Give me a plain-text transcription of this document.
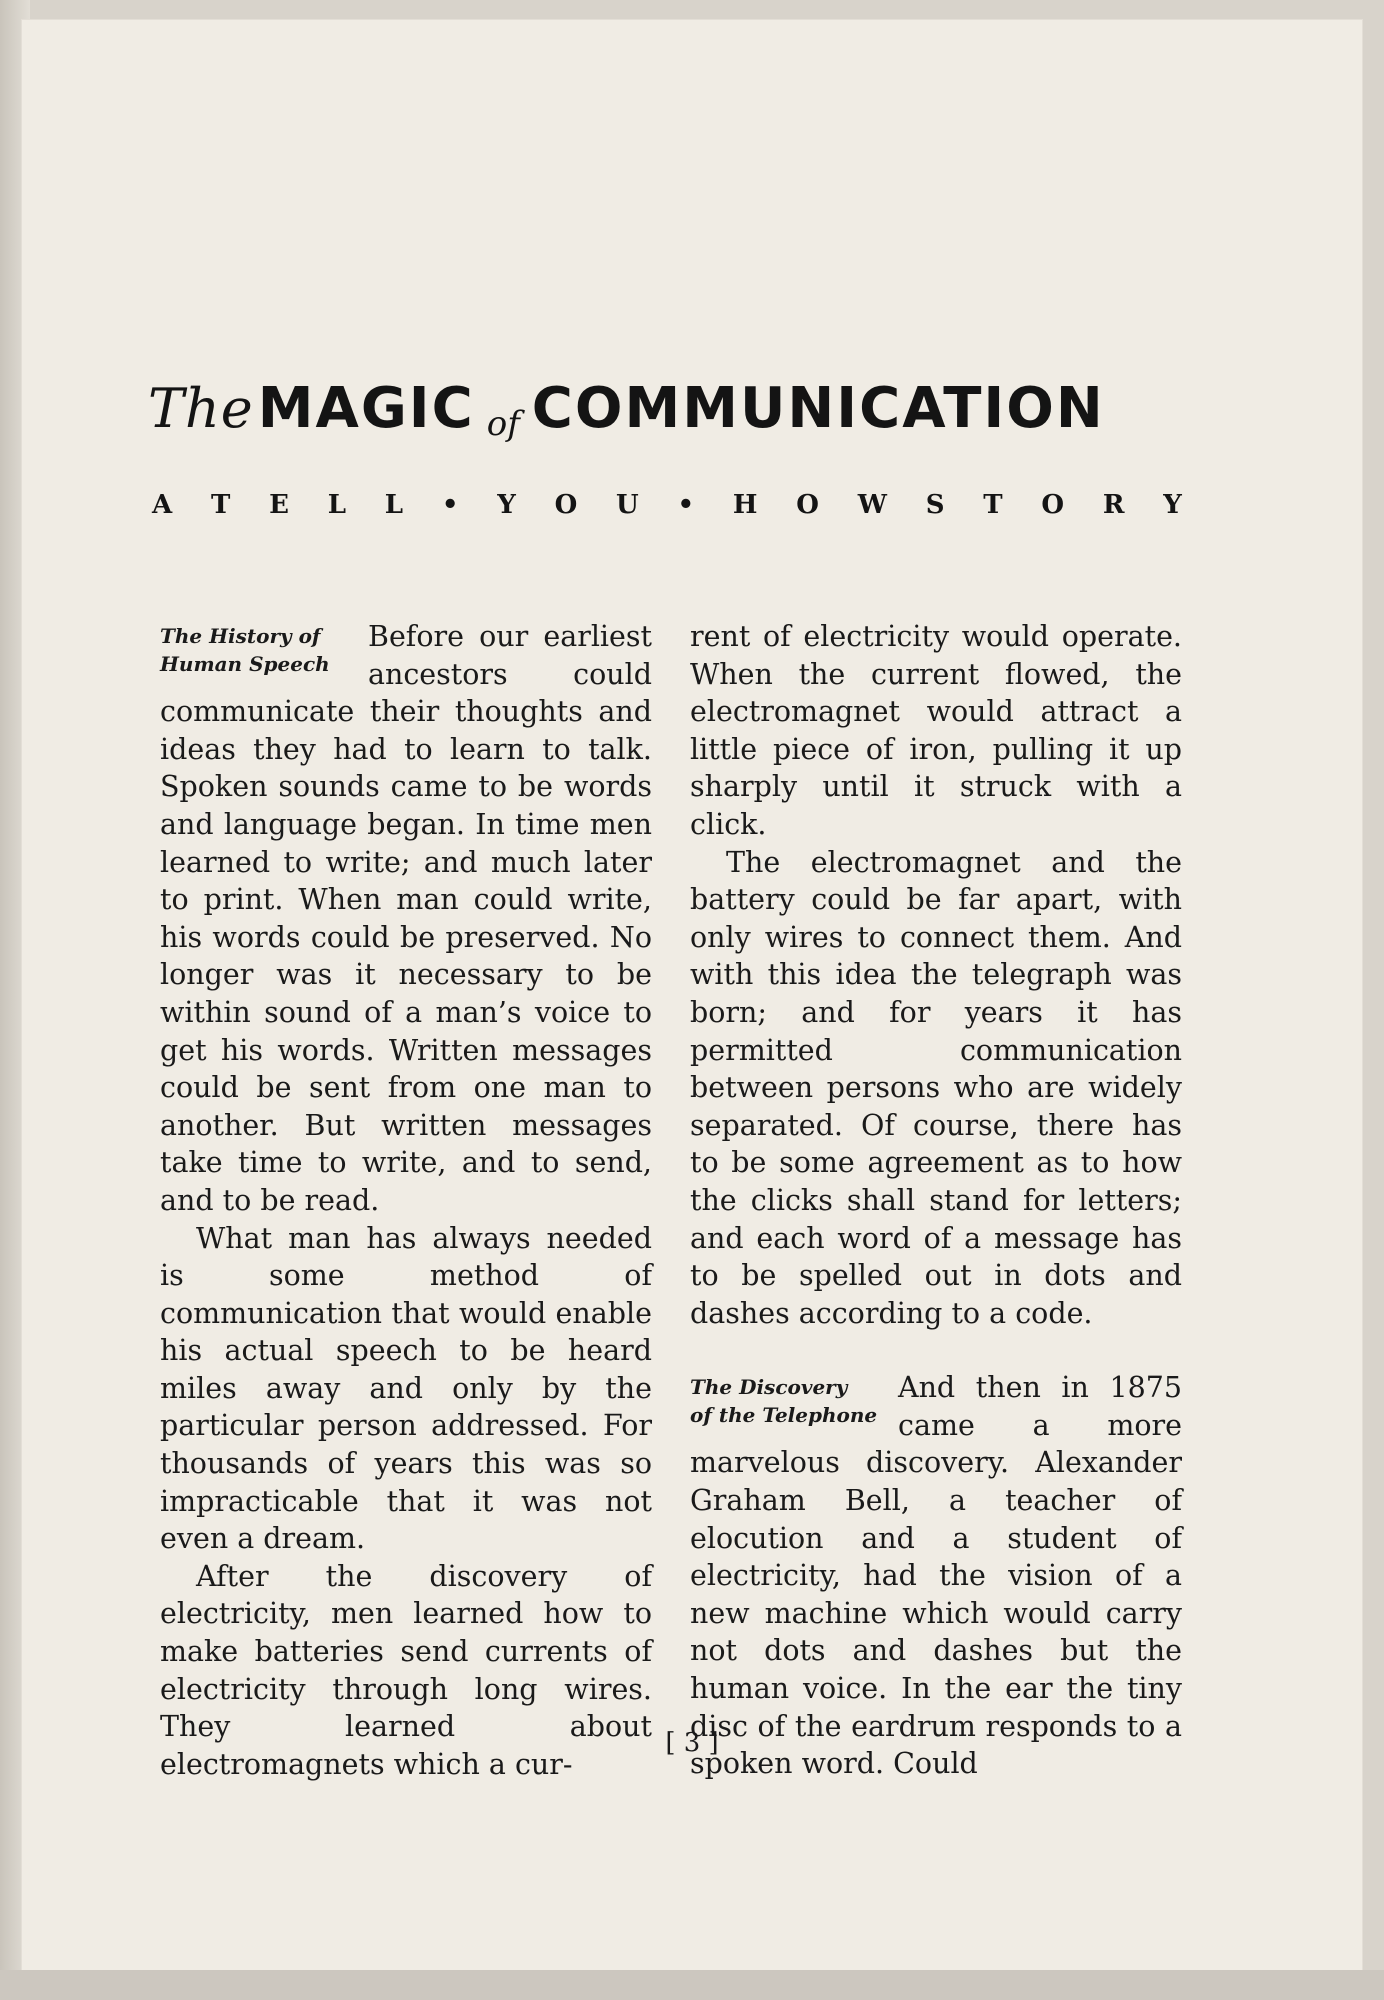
The MAGIC of COMMUNICATION
A T E L L • Y O U • H O W S T O R Y
The History of
Human Speech

Before our earliest ancestors could communicate their thoughts and ideas they had to learn to talk. Spoken sounds came to be words and language began. In time men learned to write; and much later to print. When man could write, his words could be preserved. No longer was it necessary to be within sound of a man’s voice to get his words. Written messages could be sent from one man to another. But written messages take time to write, and to send, and to be read.

What man has always needed is some method of communication that would enable his actual speech to be heard miles away and only by the particular person addressed. For thousands of years this was so impracticable that it was not even a dream.

After the discovery of electricity, men learned how to make batteries send currents of electricity through long wires. They learned about electromagnets which a cur-

rent of electricity would operate. When the current flowed, the electromagnet would attract a little piece of iron, pulling it up sharply until it struck with a click.

The electromagnet and the battery could be far apart, with only wires to connect them. And with this idea the telegraph was born; and for years it has permitted communication between persons who are widely separated. Of course, there has to be some agreement as to how the clicks shall stand for letters; and each word of a message has to be spelled out in dots and dashes according to a code.

The Discovery
of the Telephone

And then in 1875 came a more marvelous discovery. Alexander Graham Bell, a teacher of elocution and a student of electricity, had the vision of a new machine which would carry not dots and dashes but the human voice. In the ear the tiny disc of the eardrum responds to a spoken word. Could

[ 3 ]
